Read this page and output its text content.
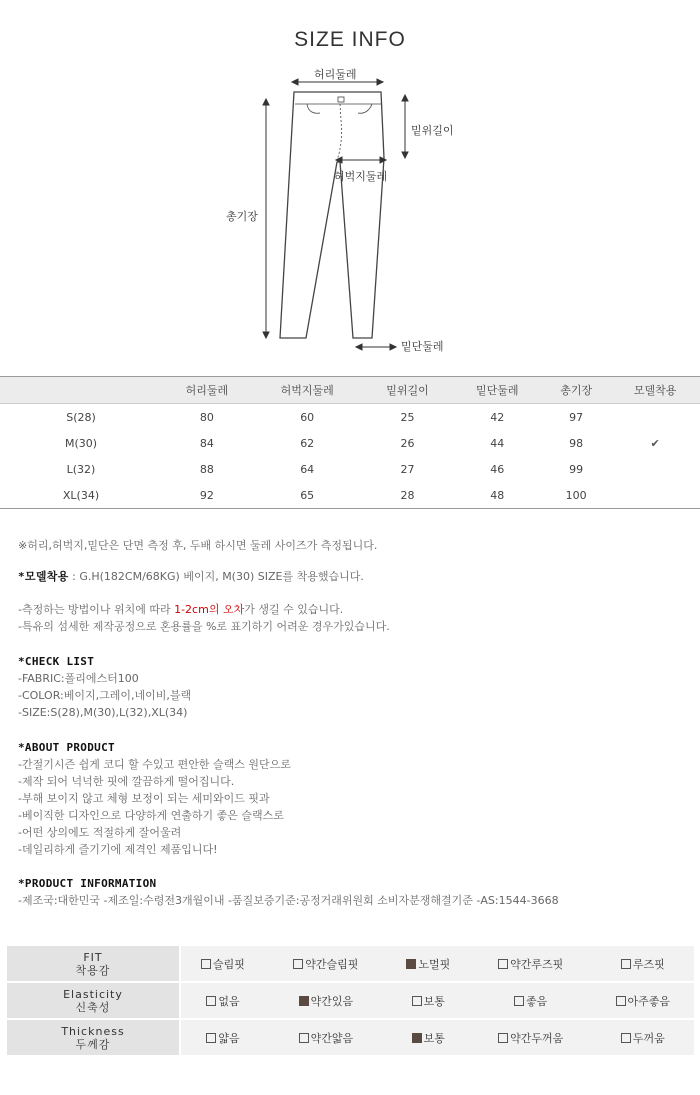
SIZE INFO
허리둘레
밑위길이
허벅지둘레
총기장
밑단둘레
	허리둘레	허벅지둘레	밑위길이	밑단둘레	총기장	모델착용
S(28)	80	60	25	42	97	
M(30)	84	62	26	44	98	✔
L(32)	88	64	27	46	99	
XL(34)	92	65	28	48	100	
※허리,허벅지,밑단은 단면 측정 후, 두배 하시면 둘레 사이즈가 측정됩니다.
*모델착용 : G.H(182CM/68KG) 베이지, M(30) SIZE를 착용했습니다.
-측정하는 방법이나 위치에 따라 1-2cm의 오차가 생길 수 있습니다.
-특유의 섬세한 제작공정으로 혼용률을 %로 표기하기 어려운 경우가있습니다.
*CHECK LIST
-FABRIC:폴리에스터100
-COLOR:베이지,그레이,네이비,블랙
-SIZE:S(28),M(30),L(32),XL(34)
*ABOUT PRODUCT
-간절기시즌 쉽게 코디 할 수있고 편안한 슬랙스 원단으로
-제작 되어 넉넉한 핏에 깔끔하게 떨어집니다.
-부해 보이지 않고 체형 보정이 되는 세미와이드 핏과
-베이직한 디자인으로 다양하게 연출하기 좋은 슬랙스로
-어떤 상의에도 적절하게 잘어울려
-데일리하게 즐기기에 제격인 제품입니다!
*PRODUCT INFORMATION
-제조국:대한민국 -제조일:수령전3개월이내 -품질보증기준:공정거래위원회 소비자분쟁해결기준 -AS:1544-3668
FIT
착용감	슬림핏	약간슬림핏	노멀핏	약간루즈핏	루즈핏
Elasticity
신축성	없음	약간있음	보통	좋음	아주좋음
Thickness
두께감	얇음	약간얇음	보통	약간두꺼움	두꺼움
